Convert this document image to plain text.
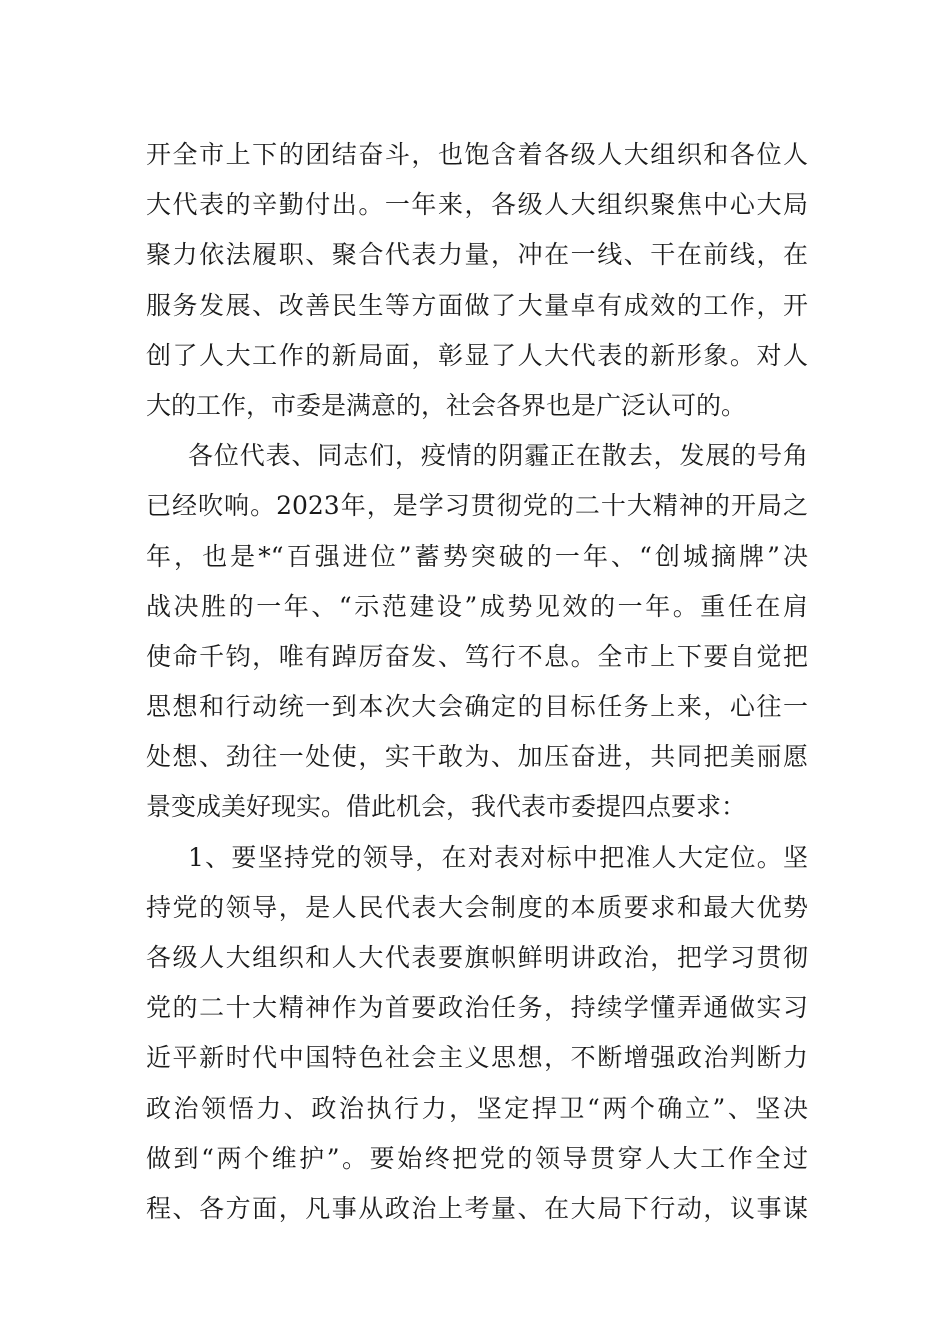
开全市上下的团结奋斗，也饱含着各级人大组织和各位人
大代表的辛勤付出。一年来，各级人大组织聚焦中心大局
聚力依法履职、聚合代表力量，冲在一线、干在前线，在
服务发展、改善民生等方面做了大量卓有成效的工作，开
创了人大工作的新局面，彰显了人大代表的新形象。对人
大的工作，市委是满意的，社会各界也是广泛认可的。
各位代表、同志们，疫情的阴霾正在散去，发展的号角
已经吹响。2023年，是学习贯彻党的二十大精神的开局之
年，也是*“百强进位”蓄势突破的一年、“创城摘牌”决
战决胜的一年、“示范建设”成势见效的一年。重任在肩
使命千钧，唯有踔厉奋发、笃行不息。全市上下要自觉把
思想和行动统一到本次大会确定的目标任务上来，心往一
处想、劲往一处使，实干敢为、加压奋进，共同把美丽愿
景变成美好现实。借此机会，我代表市委提四点要求：
1、要坚持党的领导，在对表对标中把准人大定位。坚
持党的领导，是人民代表大会制度的本质要求和最大优势
各级人大组织和人大代表要旗帜鲜明讲政治，把学习贯彻
党的二十大精神作为首要政治任务，持续学懂弄通做实习
近平新时代中国特色社会主义思想，不断增强政治判断力
政治领悟力、政治执行力，坚定捍卫“两个确立”、坚决
做到“两个维护”。要始终把党的领导贯穿人大工作全过
程、各方面，凡事从政治上考量、在大局下行动，议事谋
